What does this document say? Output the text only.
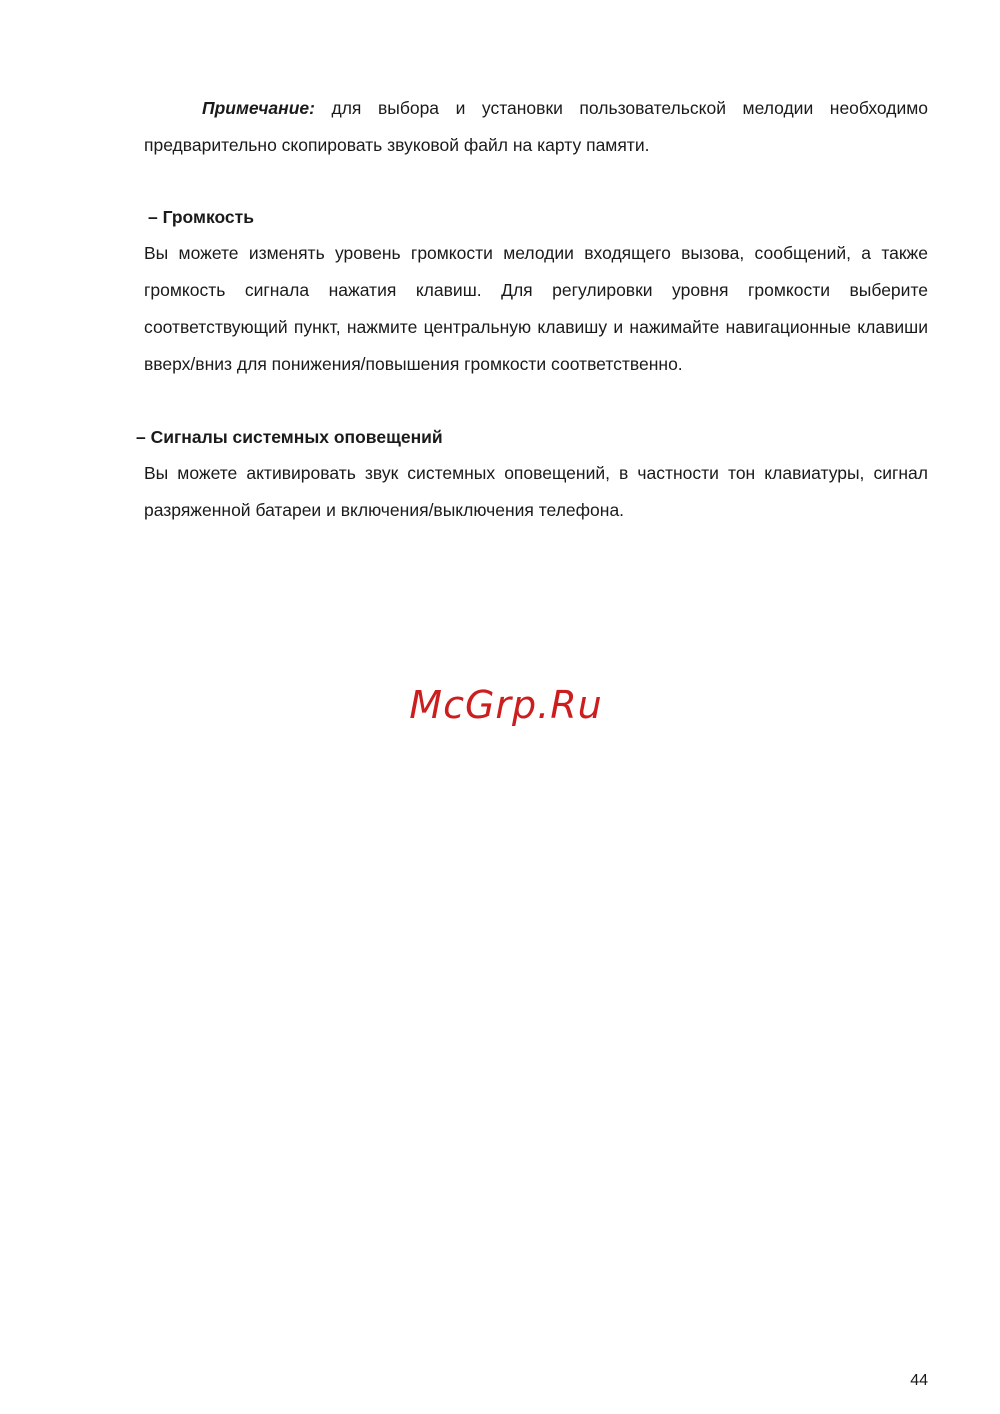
Примечание: для выбора и установки пользовательской мелодии необходимо предварительно скопировать звуковой файл на карту памяти.

– Громкость

Вы можете изменять уровень громкости мелодии входящего вызова, сообщений, а также громкость сигнала нажатия клавиш. Для регулировки уровня громкости выберите соответствующий пункт, нажмите центральную клавишу и нажимайте навигационные клавиши вверх/вниз для понижения/повышения громкости соответственно.

– Сигналы системных оповещений

Вы можете активировать звук системных оповещений, в частности тон клавиатуры, сигнал разряженной батареи и включения/выключения телефона.

McGrp.Ru
44
